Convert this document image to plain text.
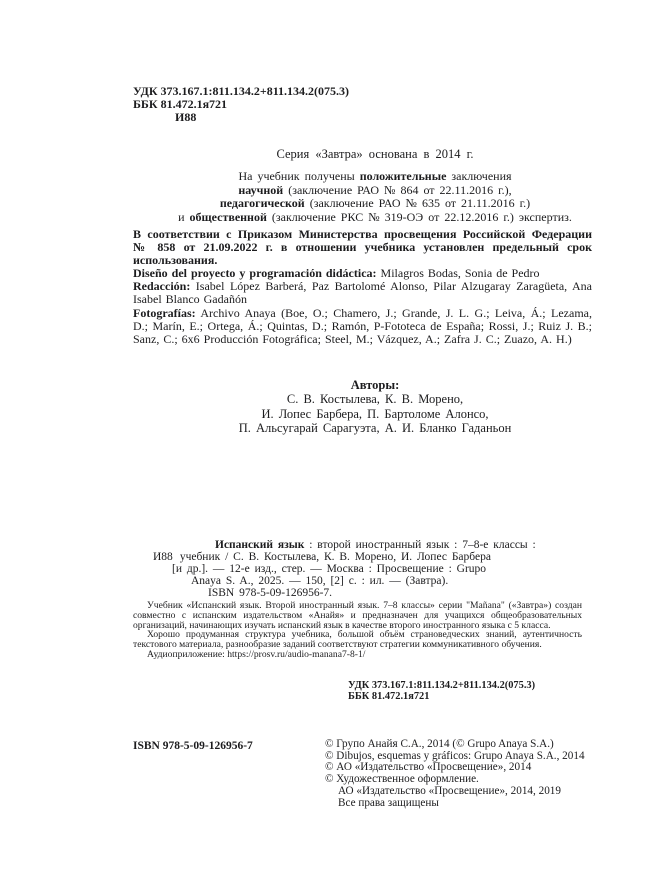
УДК 373.167.1:811.134.2+811.134.2(075.3)
ББК 81.472.1я721
И88
Серия «Завтра» основана в 2014 г.
На учебник получены положительные заключения
научной (заключение РАО № 864 от 22.11.2016 г.),
педагогической (заключение РАО № 635 от 21.11.2016 г.)
и общественной (заключение РКС № 319-ОЭ от 22.12.2016 г.) экспертиз.
В соответствии с Приказом Министерства просвещения Российской Федерации
№ 858 от 21.09.2022 г. в отношении учебника установлен предельный срок
использования.

Diseño del proyecto y programación didáctica: Milagros Bodas, Sonia de Pedro

Redacción: Isabel López Barberá, Paz Bartolomé Alonso, Pilar Alzugaray Zaragüeta, Ana Isabel Blanco Gadañón

Fotografías: Archivo Anaya (Boe, O.; Chamero, J.; Grande, J. L. G.; Leiva, Á.; Lezama, D.; Marín, E.; Ortega, Á.; Quintas, D.; Ramón, P-Fototeca de España; Rossi, J.; Ruiz J. B.; Sanz, C.; 6x6 Producción Fotográfica; Steel, M.; Vázquez, A.; Zafra J. C.; Zuazo, A. H.)

Авторы:
С. В. Костылева, К. В. Морено,
И. Лопес Барбера, П. Бартоломе Алонсо,
П. Альсугарай Сарагуэта, А. И. Бланко Гаданьон
Испанский язык : второй иностранный язык : 7–8-е классы :
И88 учебник / С. В. Костылева, К. В. Морено, И. Лопес Барбера
[и др.]. — 12-е изд., стер. — Москва : Просвещение : Grupo
Anaya S. A., 2025. — 150, [2] с. : ил. — (Завтра).
ISBN 978-5-09-126956-7.

Учебник «Испанский язык. Второй иностранный язык. 7–8 классы» серии "Mañana" («Завтра») создан совместно с испанским издательством «Анайя» и предназначен для учащихся общеобразовательных организаций, начинающих изучать испанский язык в качестве второго иностранного языка с 5 класса.

Хорошо продуманная структура учебника, большой объём страноведческих знаний, аутентичность текстового материала, разнообразие заданий соответствуют стратегии коммуникативного обучения.

Аудиоприложение: https://prosv.ru/audio-manana7-8-1/

УДК 373.167.1:811.134.2+811.134.2(075.3)
ББК 81.472.1я721
ISBN 978-5-09-126956-7	© Групо Анайя С.А., 2014 (© Grupo Anaya S.A.)
© Dibujos, esquemas y gráficos: Grupo Anaya S.A., 2014
© АО «Издательство «Просвещение», 2014
© Художественное оформление.
АО «Издательство «Просвещение», 2014, 2019
Все права защищены
